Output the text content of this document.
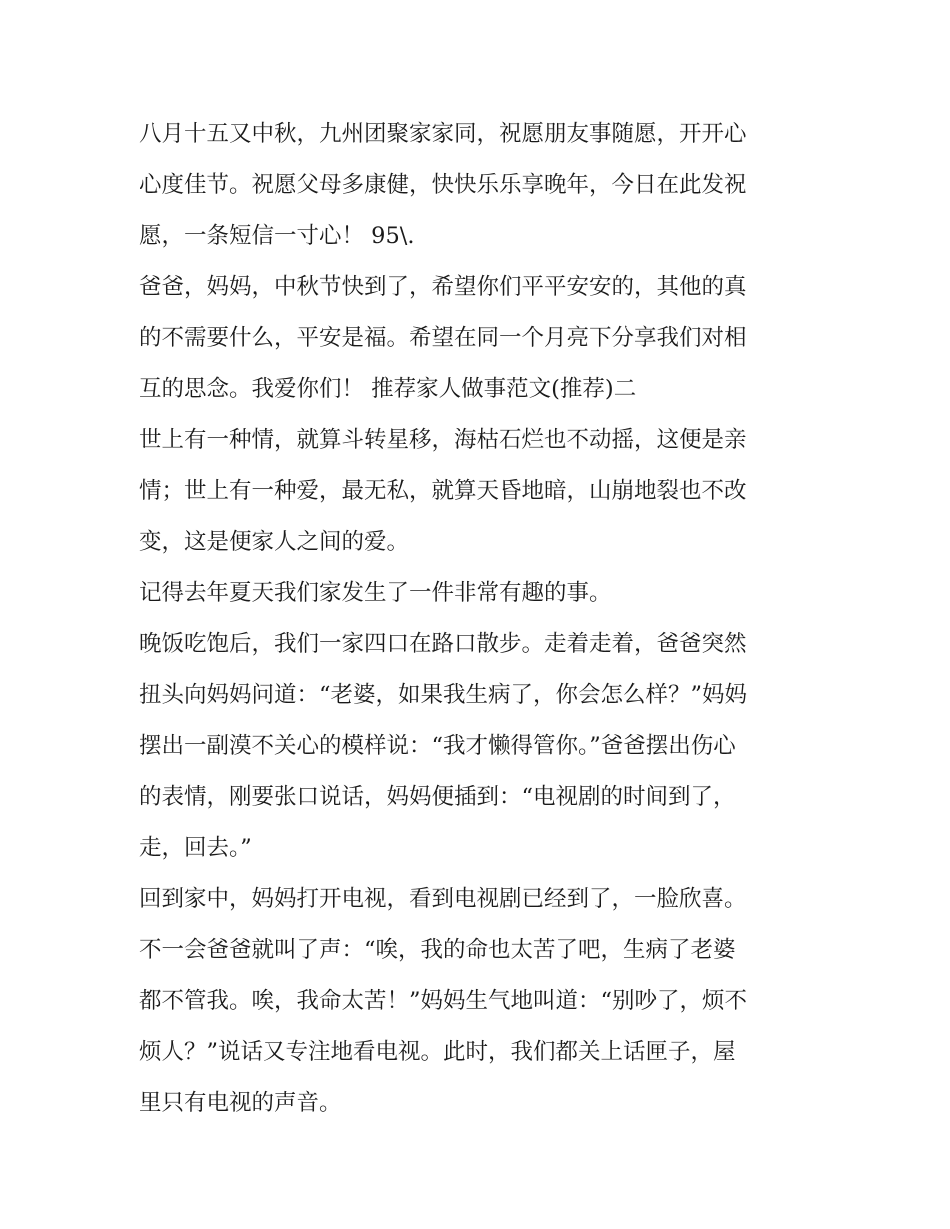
八月十五又中秋，九州团聚家家同，祝愿朋友事随愿，开开心
心度佳节。祝愿父母多康健，快快乐乐享晚年，今日在此发祝
愿，一条短信一寸心！ 95\.
爸爸，妈妈，中秋节快到了，希望你们平平安安的，其他的真
的不需要什么，平安是福。希望在同一个月亮下分享我们对相
互的思念。我爱你们！ 推荐家人做事范文(推荐)二
世上有一种情，就算斗转星移，海枯石烂也不动摇，这便是亲
情；世上有一种爱，最无私，就算天昏地暗，山崩地裂也不改
变，这是便家人之间的爱。
记得去年夏天我们家发生了一件非常有趣的事。
晚饭吃饱后，我们一家四口在路口散步。走着走着，爸爸突然
扭头向妈妈问道：“老婆，如果我生病了，你会怎么样？”妈妈
摆出一副漠不关心的模样说：“我才懒得管你。”爸爸摆出伤心
的表情，刚要张口说话，妈妈便插到：“电视剧的时间到了，
走，回去。”
回到家中，妈妈打开电视，看到电视剧已经到了，一脸欣喜。
不一会爸爸就叫了声：“唉，我的命也太苦了吧，生病了老婆
都不管我。唉，我命太苦！”妈妈生气地叫道：“别吵了，烦不
烦人？”说话又专注地看电视。此时，我们都关上话匣子，屋
里只有电视的声音。
